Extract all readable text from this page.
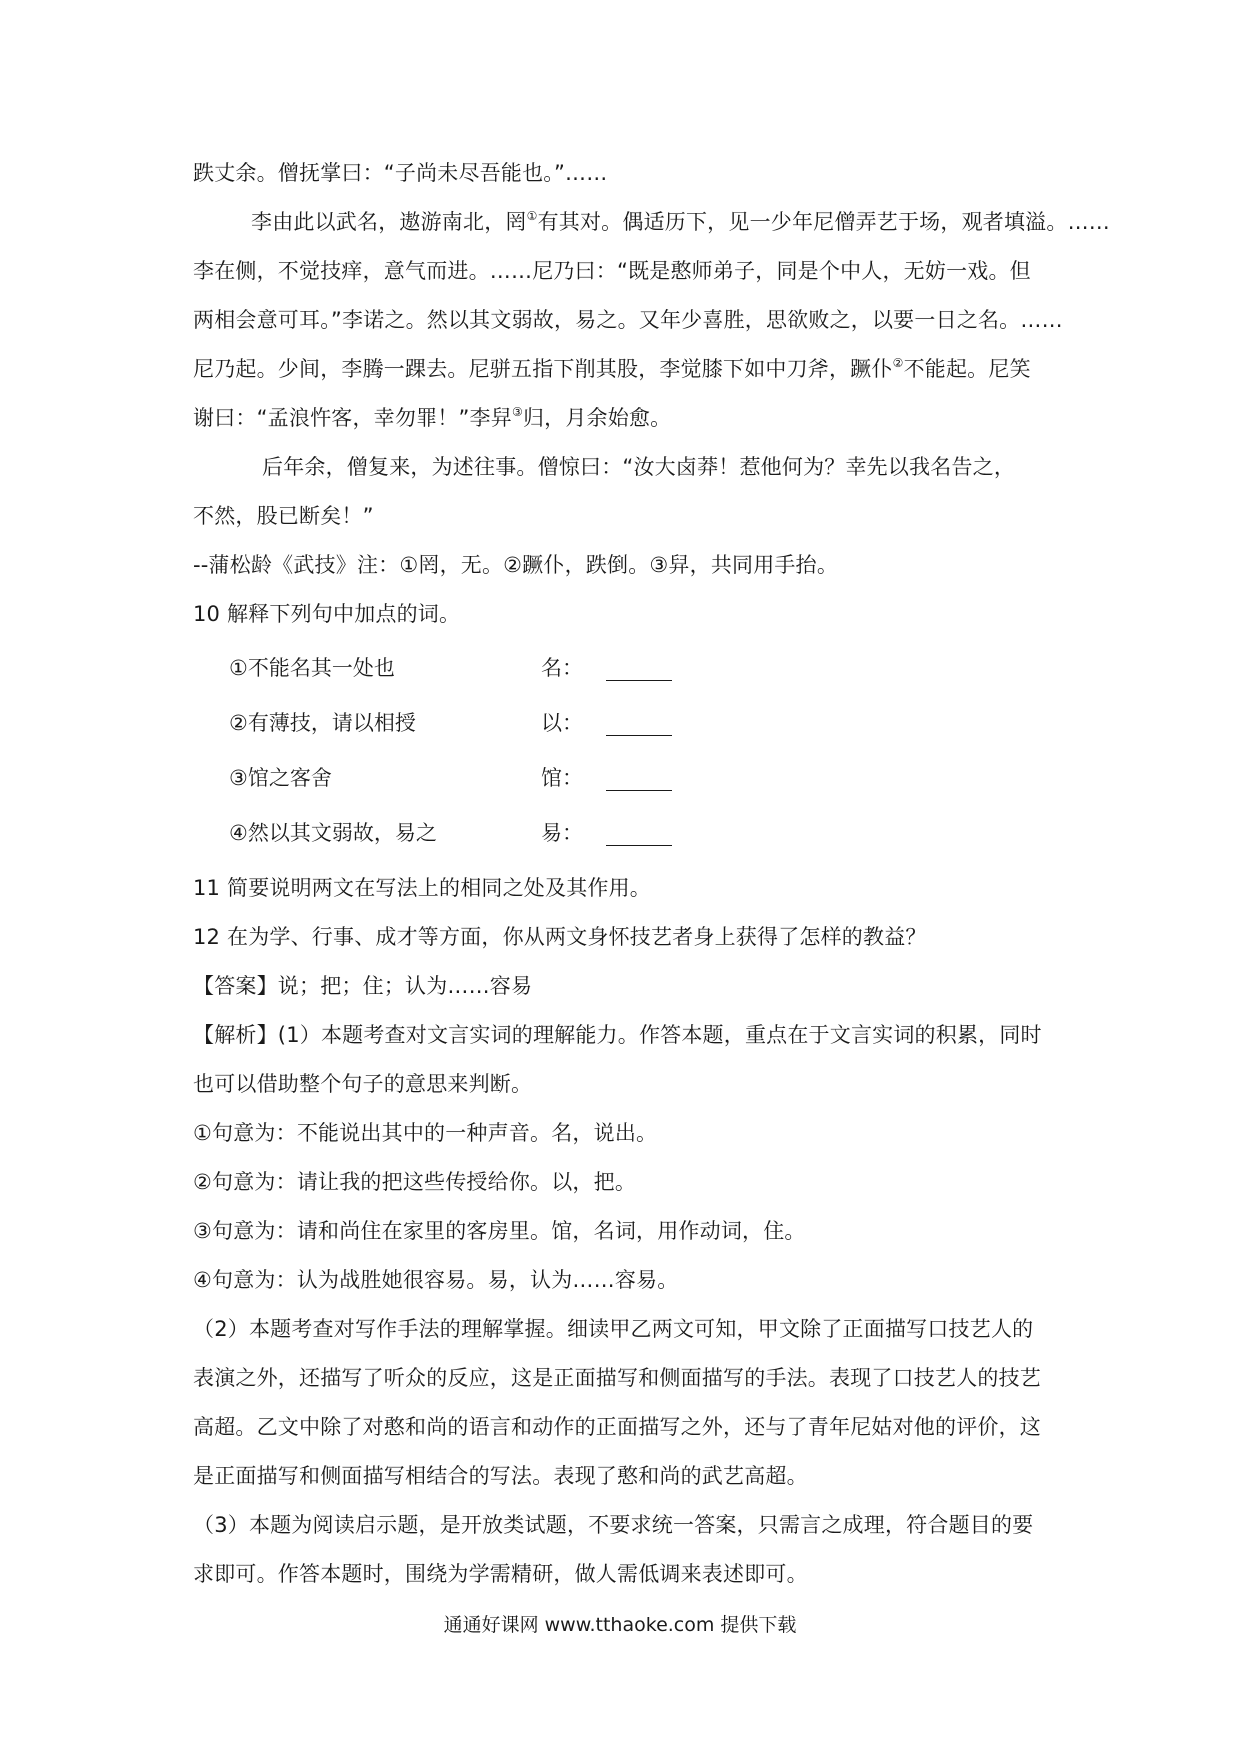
跌丈余。僧抚掌曰：“子尚未尽吾能也。”……
李由此以武名，遨游南北，罔①有其对。偶适历下，见一少年尼僧弄艺于场，观者填溢。……
李在侧，不觉技痒，意气而进。……尼乃曰：“既是憨师弟子，同是个中人，无妨一戏。但
两相会意可耳。”李诺之。然以其文弱故，易之。又年少喜胜，思欲败之，以要一日之名。……
尼乃起。少间，李腾一踝去。尼骈五指下削其股，李觉膝下如中刀斧，蹶仆②不能起。尼笑
谢曰：“孟浪忤客，幸勿罪！”李舁③归，月余始愈。
后年余，僧复来，为述往事。僧惊曰：“汝大卤莽！惹他何为？幸先以我名告之，
不然，股已断矣！”
--蒲松龄《武技》注：①罔，无。②蹶仆，跌倒。③舁，共同用手抬。
10 解释下列句中加点的词。
①不能名其一处也	名：
②有薄技，请以相授	以：
③馆之客舍	馆：
④然以其文弱故，易之	易：
11 简要说明两文在写法上的相同之处及其作用。
12 在为学、行事、成才等方面，你从两文身怀技艺者身上获得了怎样的教益？
【答案】说；把；住；认为……容易
【解析】(1）本题考查对文言实词的理解能力。作答本题，重点在于文言实词的积累，同时
也可以借助整个句子的意思来判断。
①句意为：不能说出其中的一种声音。名，说出。
②句意为：请让我的把这些传授给你。以，把。
③句意为：请和尚住在家里的客房里。馆，名词，用作动词，住。
④句意为：认为战胜她很容易。易，认为……容易。
（2）本题考查对写作手法的理解掌握。细读甲乙两文可知，甲文除了正面描写口技艺人的
表演之外，还描写了听众的反应，这是正面描写和侧面描写的手法。表现了口技艺人的技艺
高超。乙文中除了对憨和尚的语言和动作的正面描写之外，还与了青年尼姑对他的评价，这
是正面描写和侧面描写相结合的写法。表现了憨和尚的武艺高超。
（3）本题为阅读启示题，是开放类试题，不要求统一答案，只需言之成理，符合题目的要
求即可。作答本题时，围绕为学需精研，做人需低调来表述即可。
通通好课网 www.tthaoke.com 提供下载
